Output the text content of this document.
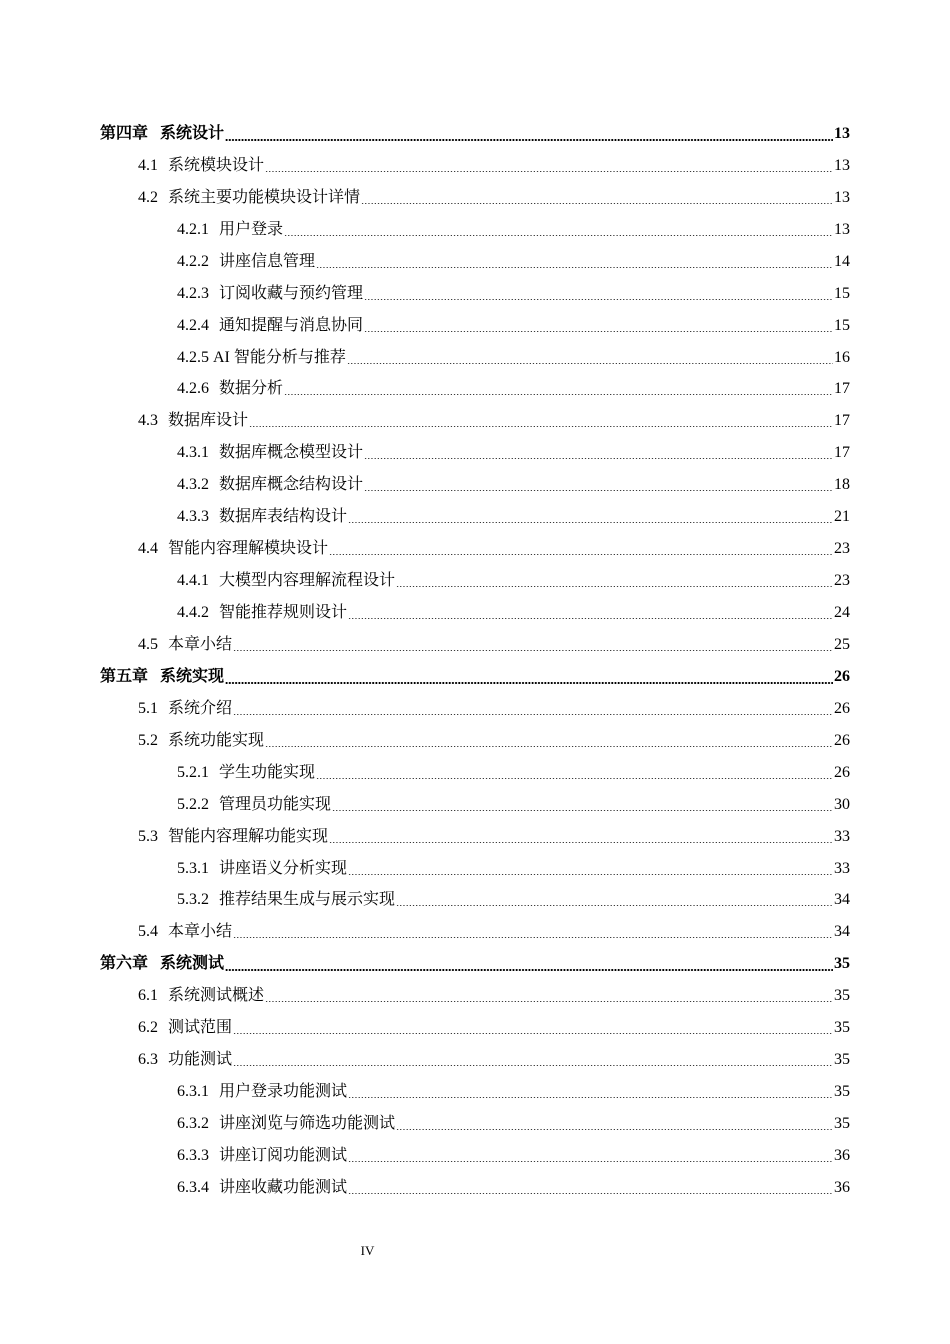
第四章 系统设计	13
4.1 系统模块设计	13
4.2 系统主要功能模块设计详情	13
4.2.1 用户登录	13
4.2.2 讲座信息管理	14
4.2.3 订阅收藏与预约管理	15
4.2.4 通知提醒与消息协同	15
4.2.5 AI 智能分析与推荐	16
4.2.6 数据分析	17
4.3 数据库设计	17
4.3.1 数据库概念模型设计	17
4.3.2 数据库概念结构设计	18
4.3.3 数据库表结构设计	21
4.4 智能内容理解模块设计	23
4.4.1 大模型内容理解流程设计	23
4.4.2 智能推荐规则设计	24
4.5 本章小结	25
第五章 系统实现	26
5.1 系统介绍	26
5.2 系统功能实现	26
5.2.1 学生功能实现	26
5.2.2 管理员功能实现	30
5.3 智能内容理解功能实现	33
5.3.1 讲座语义分析实现	33
5.3.2 推荐结果生成与展示实现	34
5.4 本章小结	34
第六章 系统测试	35
6.1 系统测试概述	35
6.2 测试范围	35
6.3 功能测试	35
6.3.1 用户登录功能测试	35
6.3.2 讲座浏览与筛选功能测试	35
6.3.3 讲座订阅功能测试	36
6.3.4 讲座收藏功能测试	36
IV
